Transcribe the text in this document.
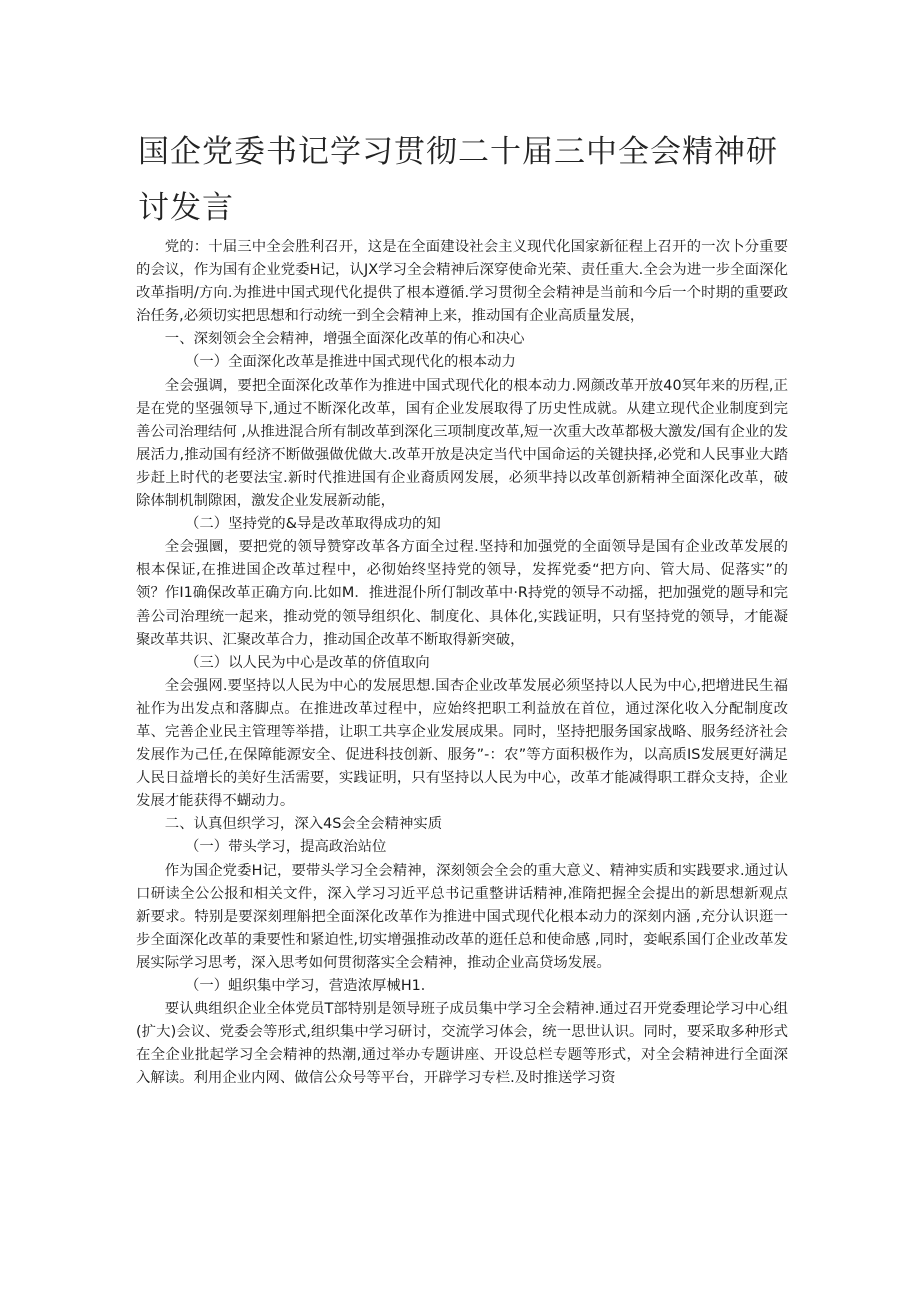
国企党委书记学习贯彻二十届三中全会精神研讨发言

党的：十届三中全会胜利召开，这是在全面建设社会主义现代化国家新征程上召开的一次卜分重要的会议，作为国有企业党委H记，认JX学习全会精神后深穿使命光荣、责任重大.全会为进一步全面深化改革指明/方向.为推进中国式现代化提供了根本遵循.学习贯彻全会精神是当前和今后一个时期的重要政治任务,必须切实把思想和行动统一到全会精神上来，推动国有企业高质量发展，

一、深刻领会全会精神，增强全面深化改革的侑心和决心

（一）全面深化改革是推进中国式现代化的根本动力

全会强调，要把全面深化改革作为推进中国式现代化的根本动力.网颜改革开放40冥年来的历程,正是在党的坚强领导下,通过不断深化改革，国有企业发展取得了历史性成就。从建立现代企业制度到完善公司治理结何 ,从推进混合所有制改革到深化三项制度改革,短一次重大改革都极大激发/国有企业的发展活力,推动国有经济不断做强做优做大.改革开放是决定当代中国命运的关键抉择,必党和人民事业大踏步赶上时代的老要法宝.新时代推进国有企业裔质网发展，必须芈持以改革创新精神全面深化改革，破除体制机制隙困，激发企业发展新动能，

（二）坚持党的&导是改革取得成功的知

全会强圜，要把党的领导赞穿改革各方面全过程.坚持和加强党的全面领导是国有企业改革发展的根本保证,在推进国企改革过程中，必彻始终坚持党的领导，发挥党委“把方向、管大局、促落实”的领？作I1确保改革正确方向.比如M．推进混仆所仃制改革中·R持党的领导不动摇，把加强党的题导和完善公司治理统一起来，推动党的领导组织化、制度化、具体化,实践证明，只有坚持党的领导，才能凝聚改革共识、汇聚改革合力，推动国企改革不断取得新突破，

（三）以人民为中心是改革的侪值取向

全会强网.要坚持以人民为中心的发展思想.国杏企业改革发展必须坚持以人民为中心,把增进民生福祉作为出发点和落脚点。在推进改革过程中，应始终把职工利益放在首位，通过深化收入分配制度改革、完善企业民主管理等举措，让职工共享企业发展成果。同时，坚持把服务国家战略、服务经济社会发展作为己任,在保障能源安全、促进科技创新、服务”-：农”等方面积极作为，以高质IS发展更好满足人民日益增长的美好生活需要，实践证明，只有坚持以人民为中心，改革才能减得职工群众支持，企业发展才能获得不蝴动力。

二、认真但织学习，深入4S会全会精神实质

（一）带头学习，提高政治站位

作为国企党委H记，要带头学习全会精神，深刻领会全会的重大意义、精神实质和实践要求.通过认口研读全公公报和相关文件，深入学习习近平总书记重整讲话精神,准隋把握全会提出的新思想新观点新要求。特别是要深刻理斛把全面深化改革作为推进中国式现代化根本动力的深刻内涵 ,充分认识逛一步全面深化改革的秉要性和紧迫性,切实增强推动改革的逛任总和使命感 ,同时，娈岷系国仃企业改革发展实际学习思考，深入思考如何贯彻落实全会精神，推动企业高贷场发展。

（一）蛆织集中学习，营造浓厚械H1．

要认典组织企业全体党员T部特别是领导班子成员集中学习全会精神.通过召开党委理论学习中心组(扩大)会议、党委会等形式,组织集中学习研讨，交流学习体会，统一思世认识。同时，要采取多种形式在全企业批起学习全会精神的热潮,通过举办专题讲座、开设总栏专题等形式，对全会精神进行全面深入解读。利用企业内网、做信公众号等平台，开辟学习专栏.及时推送学习资
